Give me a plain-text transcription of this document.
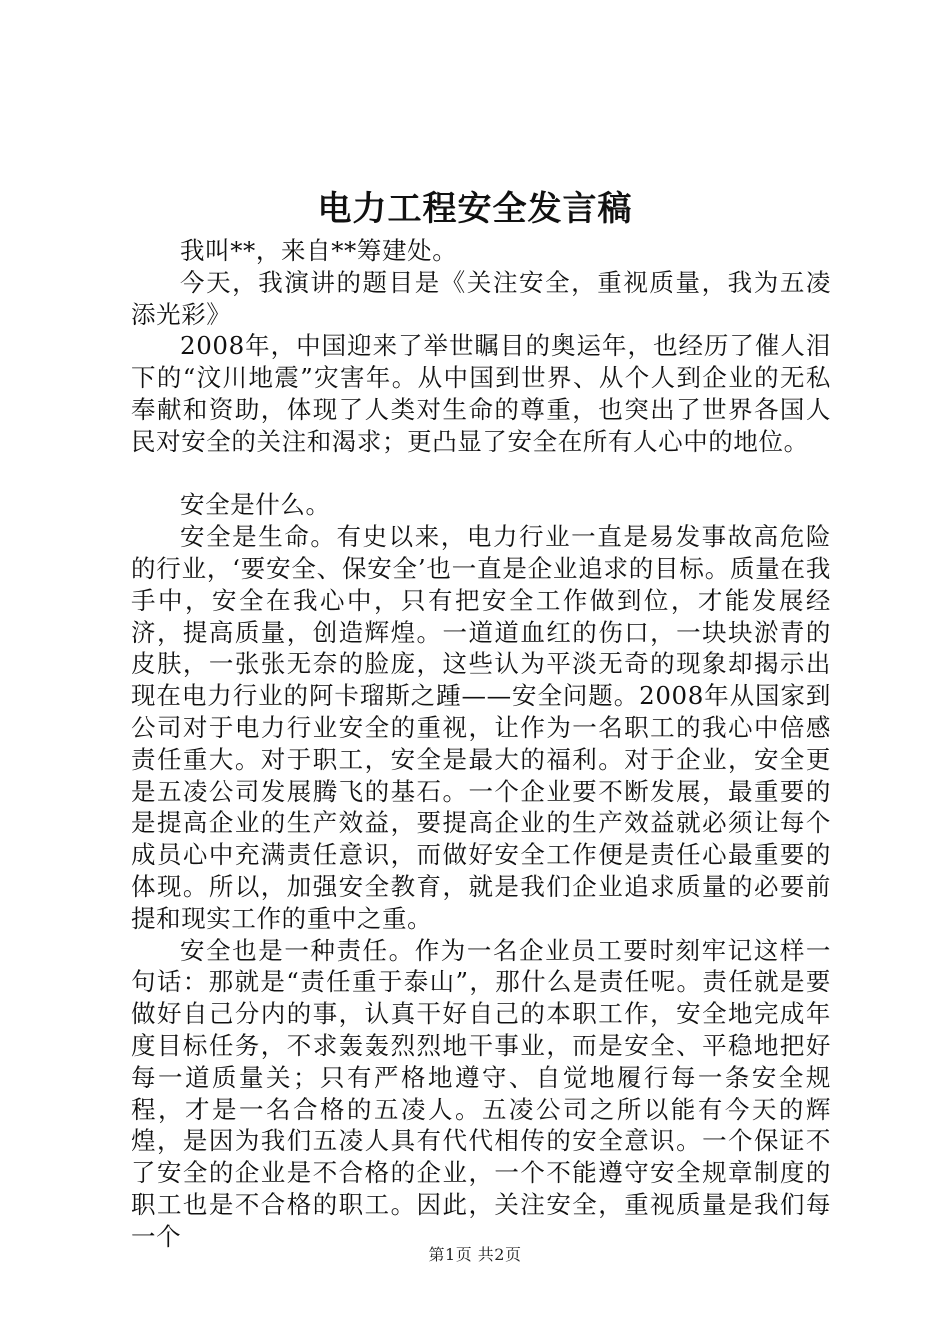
电力工程安全发言稿

我叫**，来自**筹建处。

今天，我演讲的题目是《关注安全，重视质量，我为五凌添光彩》

2008年，中国迎来了举世瞩目的奥运年，也经历了催人泪下的“汶川地震”灾害年。从中国到世界、从个人到企业的无私奉献和资助，体现了人类对生命的尊重，也突出了世界各国人民对安全的关注和渴求；更凸显了安全在所有人心中的地位。

安全是什么。

安全是生命。有史以来，电力行业一直是易发事故高危险的行业，‘要安全、保安全’也一直是企业追求的目标。质量在我手中，安全在我心中，只有把安全工作做到位，才能发展经济，提高质量，创造辉煌。一道道血红的伤口，一块块淤青的皮肤，一张张无奈的脸庞，这些认为平淡无奇的现象却揭示出现在电力行业的阿卡瑠斯之踵——安全问题。2008年从国家到公司对于电力行业安全的重视，让作为一名职工的我心中倍感责任重大。对于职工，安全是最大的福利。对于企业，安全更是五凌公司发展腾飞的基石。一个企业要不断发展，最重要的是提高企业的生产效益，要提高企业的生产效益就必须让每个成员心中充满责任意识，而做好安全工作便是责任心最重要的体现。所以，加强安全教育，就是我们企业追求质量的必要前提和现实工作的重中之重。

安全也是一种责任。作为一名企业员工要时刻牢记这样一句话：那就是“责任重于泰山”，那什么是责任呢。责任就是要做好自己分内的事，认真干好自己的本职工作，安全地完成年度目标任务，不求轰轰烈烈地干事业，而是安全、平稳地把好每一道质量关；只有严格地遵守、自觉地履行每一条安全规程，才是一名合格的五凌人。五凌公司之所以能有今天的辉煌，是因为我们五凌人具有代代相传的安全意识。一个保证不了安全的企业是不合格的企业，一个不能遵守安全规章制度的职工也是不合格的职工。因此，关注安全，重视质量是我们每一个

第1页 共2页
